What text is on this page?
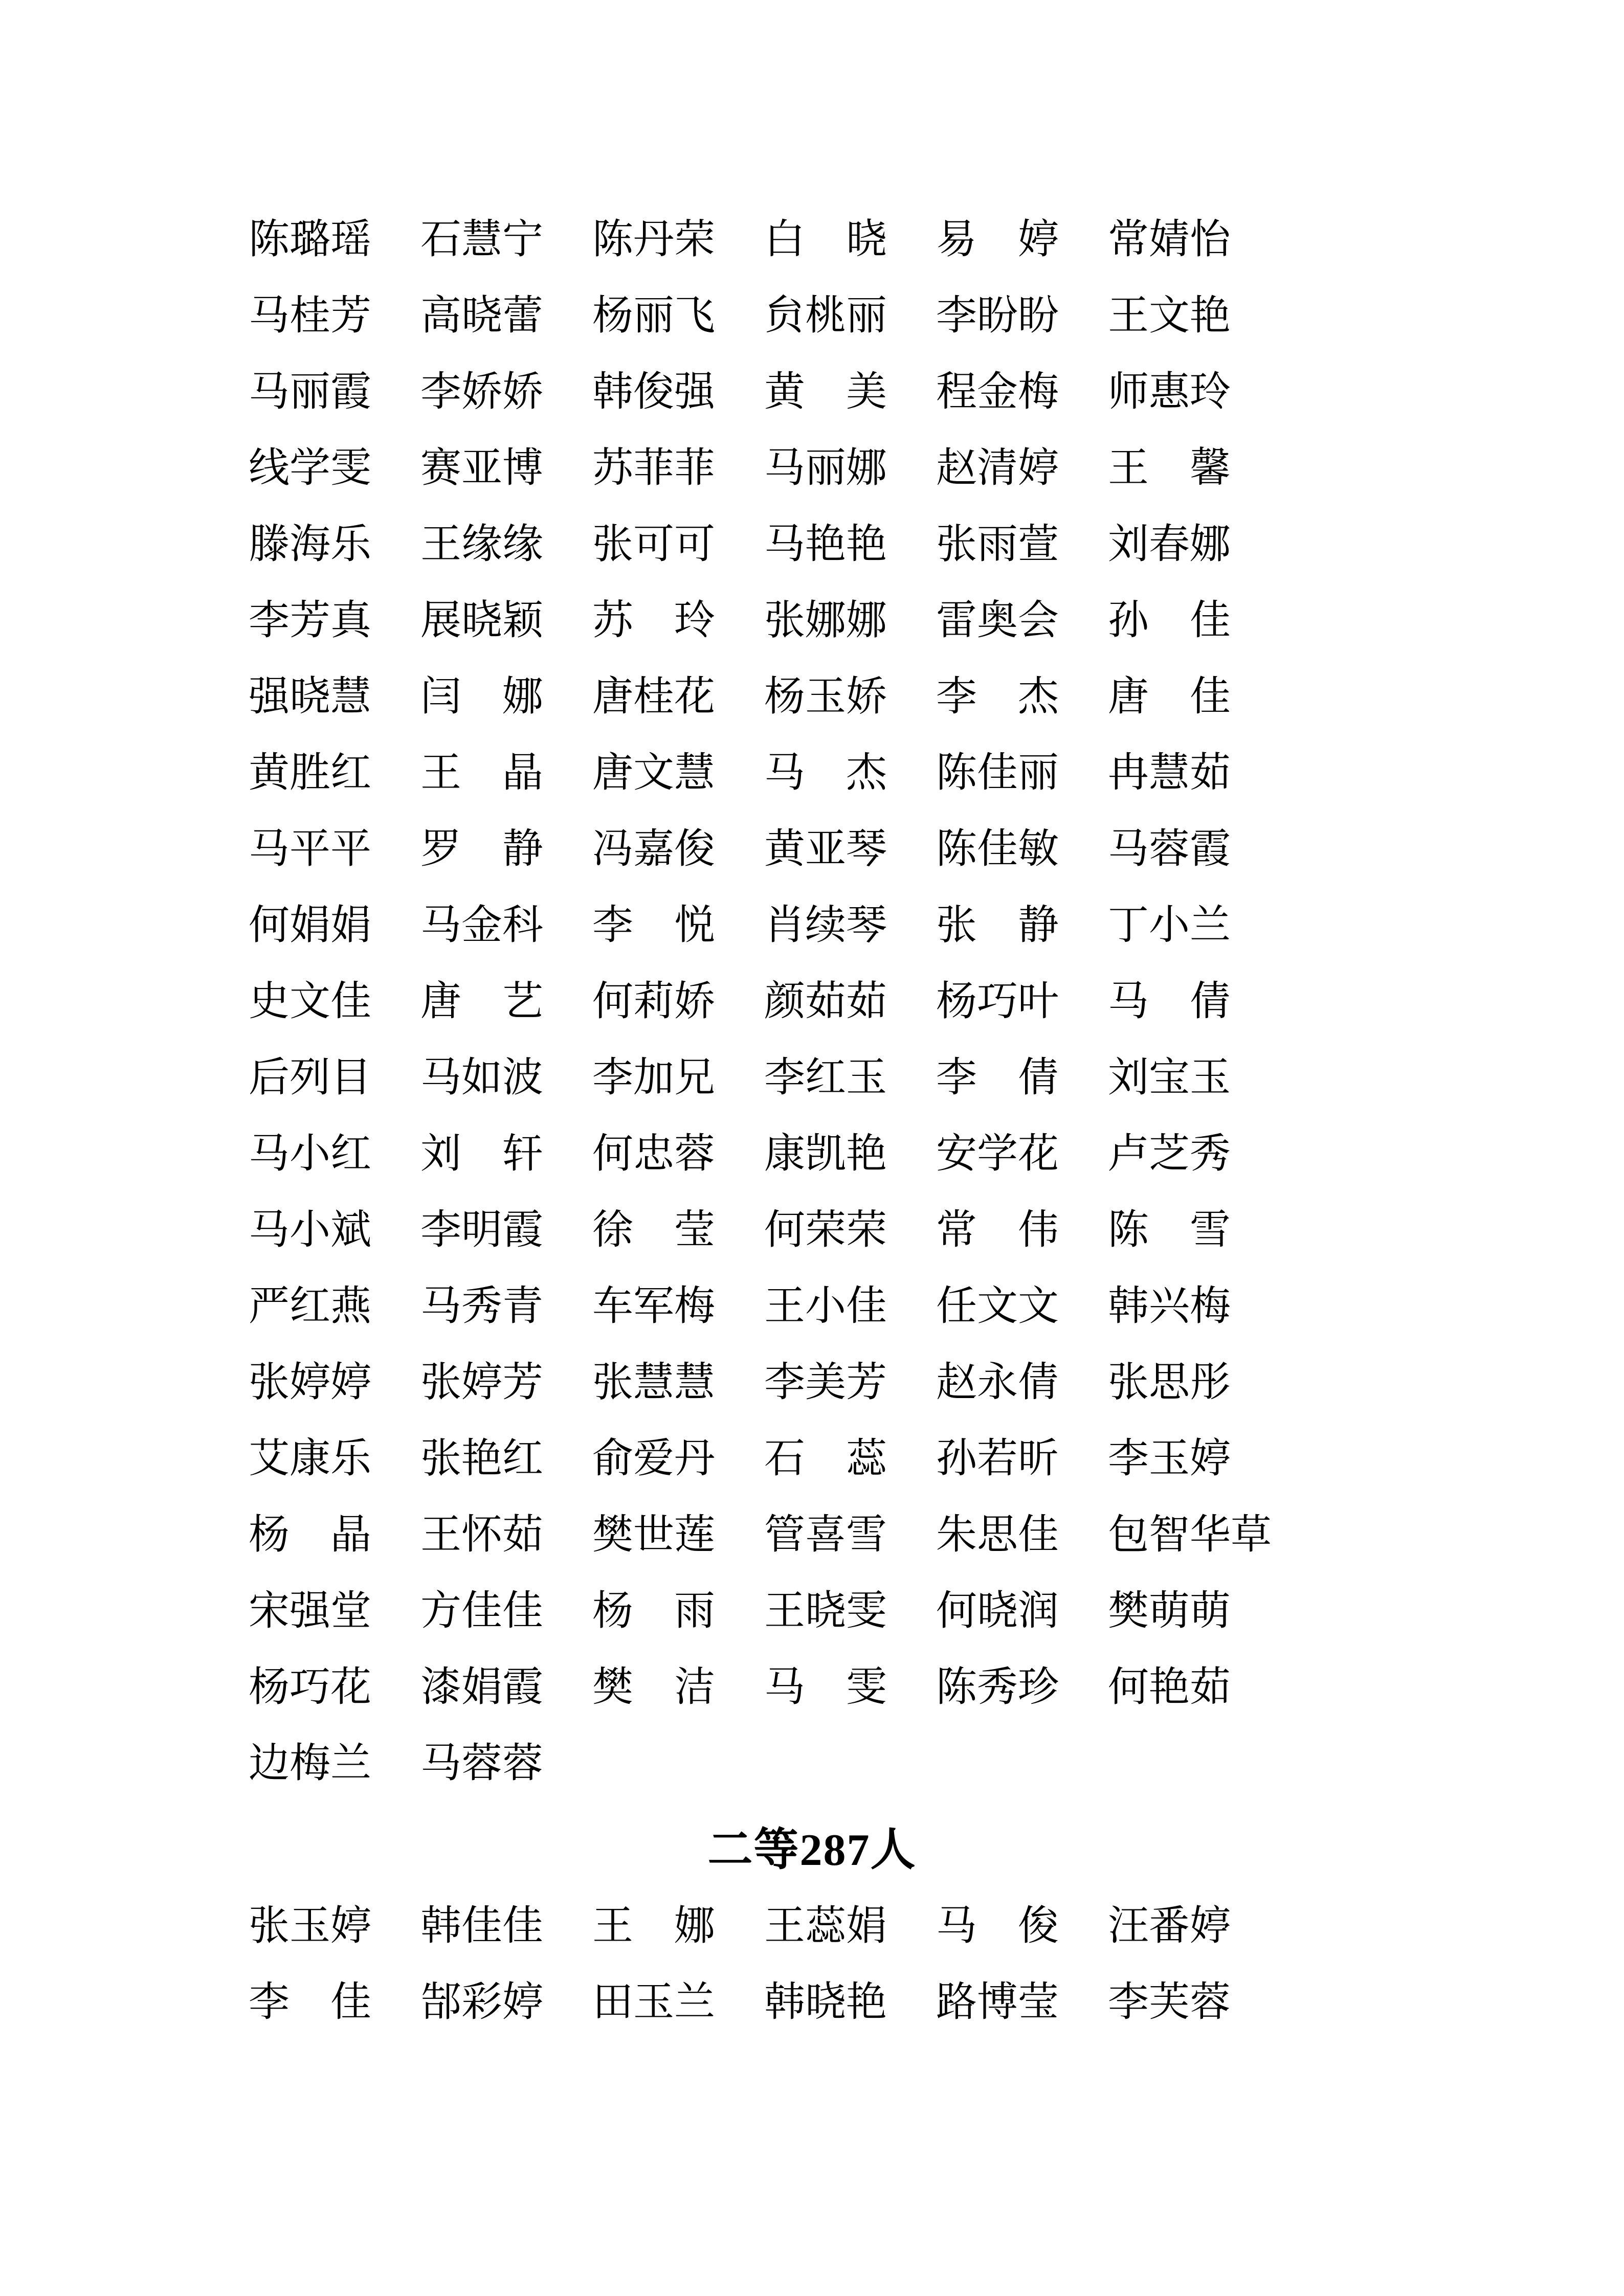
陈璐瑶 石慧宁 陈丹荣 白晓 易婷 常婧怡
马桂芳 高晓蕾 杨丽飞 贠桃丽 李盼盼 王文艳
马丽霞 李娇娇 韩俊强 黄美 程金梅 师惠玲
线学雯 赛亚博 苏菲菲 马丽娜 赵清婷 王馨
滕海乐 王缘缘 张可可 马艳艳 张雨萱 刘春娜
李芳真 展晓颖 苏玲 张娜娜 雷奥会 孙佳
强晓慧 闫娜 唐桂花 杨玉娇 李杰 唐佳
黄胜红 王晶 唐文慧 马杰 陈佳丽 冉慧茹
马平平 罗静 冯嘉俊 黄亚琴 陈佳敏 马蓉霞
何娟娟 马金科 李悦 肖续琴 张静 丁小兰
史文佳 唐艺 何莉娇 颜茹茹 杨巧叶 马倩
后列目 马如波 李加兄 李红玉 李倩 刘宝玉
马小红 刘轩 何忠蓉 康凯艳 安学花 卢芝秀
马小斌 李明霞 徐莹 何荣荣 常伟 陈雪
严红燕 马秀青 车军梅 王小佳 任文文 韩兴梅
张婷婷 张婷芳 张慧慧 李美芳 赵永倩 张思彤
艾康乐 张艳红 俞爱丹 石蕊 孙若昕 李玉婷
杨晶 王怀茹 樊世莲 管喜雪 朱思佳 包智华草
宋强堂 方佳佳 杨雨 王晓雯 何晓润 樊萌萌
杨巧花 漆娟霞 樊洁 马雯 陈秀珍 何艳茹
边梅兰 马蓉蓉
二等287人
张玉婷 韩佳佳 王娜 王蕊娟 马俊 汪番婷
李佳 郜彩婷 田玉兰 韩晓艳 路博莹 李芙蓉
